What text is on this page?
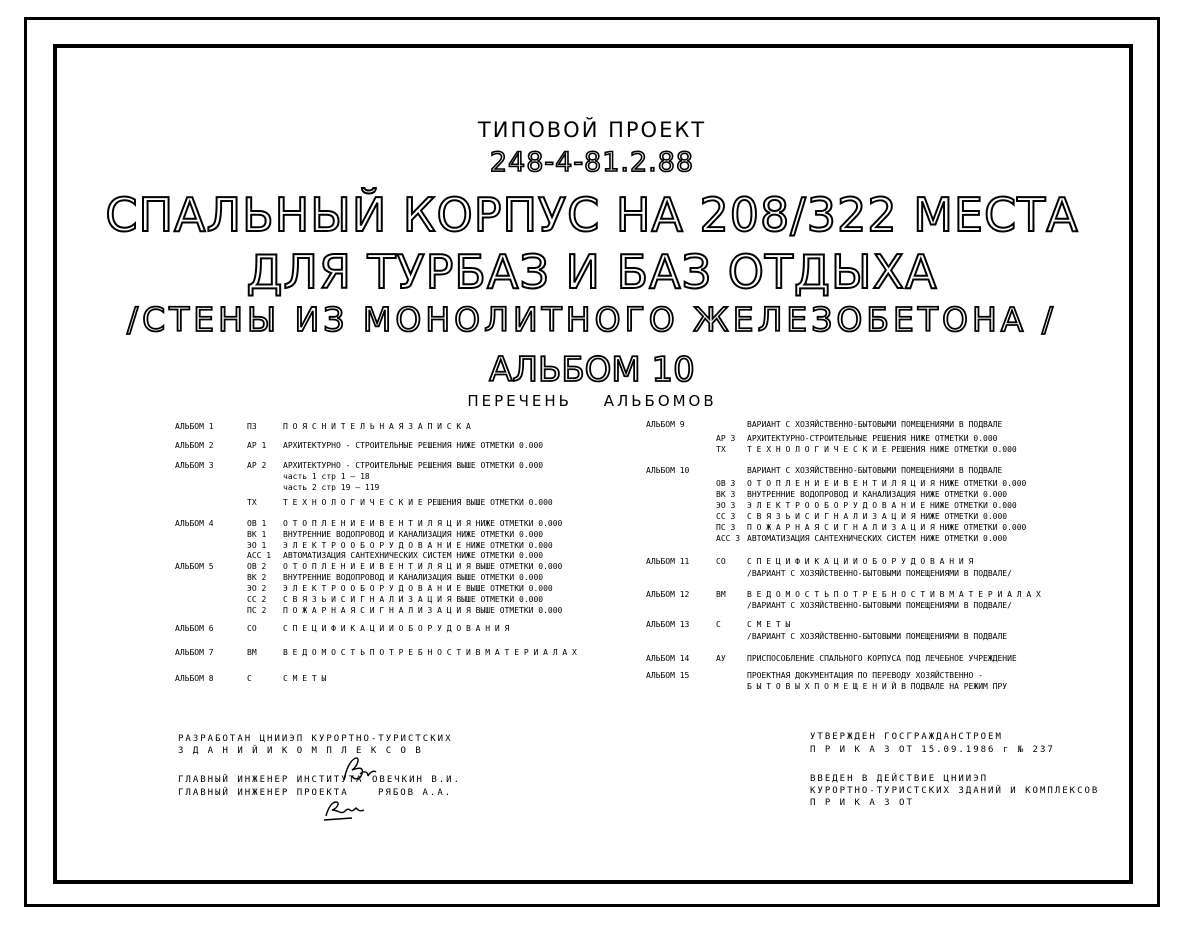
ТИПОВОЙ ПРОЕКТ
248-4-81.2.88
СПАЛЬНЫЙ КОРПУС НА 208/322 МЕСТА
ДЛЯ ТУРБАЗ И БАЗ ОТДЫХА
/СТЕНЫ ИЗ МОНОЛИТНОГО ЖЕЛЕЗОБЕТОНА /
АЛЬБОМ 10
ПЕРЕЧЕНЬ АЛЬБОМОВ
АЛЬБОМ 1	ПЗ	П О Я С Н И Т Е Л Ь Н А Я З А П И С К А
АЛЬБОМ 2	АР 1 АРХИТЕКТУРНО - СТРОИТЕЛЬНЫЕ РЕШЕНИЯ НИЖЕ ОТМЕТКИ 0.000
АЛЬБОМ 3	АР 2 АРХИТЕКТУРНО - СТРОИТЕЛЬНЫЕ РЕШЕНИЯ ВЫШЕ ОТМЕТКИ 0.000
часть 1 стр 1 — 18
часть 2 стр 19 — 119
ТХ	Т Е Х Н О Л О Г И Ч Е С К И Е РЕШЕНИЯ ВЫШЕ ОТМЕТКИ 0.000
АЛЬБОМ 4	ОВ 1 О Т О П Л Е Н И Е И В Е Н Т И Л Я Ц И Я НИЖЕ ОТМЕТКИ 0.000
ВК 1 ВНУТРЕННИЕ ВОДОПРОВОД И КАНАЛИЗАЦИЯ НИЖЕ ОТМЕТКИ 0.000
ЭО 1 Э Л Е К Т Р О О Б О Р У Д О В А Н И Е НИЖЕ ОТМЕТКИ 0.000
АСС 1 АВТОМАТИЗАЦИЯ САНТЕХНИЧЕСКИХ СИСТЕМ НИЖЕ ОТМЕТКИ 0.000
АЛЬБОМ 5	ОВ 2 О Т О П Л Е Н И Е И В Е Н Т И Л Я Ц И Я ВЫШЕ ОТМЕТКИ 0.000
ВК 2 ВНУТРЕННИЕ ВОДОПРОВОД И КАНАЛИЗАЦИЯ ВЫШЕ ОТМЕТКИ 0.000
ЭО 2 Э Л Е К Т Р О О Б О Р У Д О В А Н И Е ВЫШЕ ОТМЕТКИ 0.000
СС 2 С В Я З Ь И С И Г Н А Л И З А Ц И Я ВЫШЕ ОТМЕТКИ 0.000
ПС 2 П О Ж А Р Н А Я С И Г Н А Л И З А Ц И Я ВЫШЕ ОТМЕТКИ 0.000
АЛЬБОМ 6	СО	С П Е Ц И Ф И К А Ц И И О Б О Р У Д О В А Н И Я
АЛЬБОМ 7	ВМ	В Е Д О М О С Т Ь П О Т Р Е Б Н О С Т И В М А Т Е Р И А Л А Х
АЛЬБОМ 8	С	С М Е Т Ы
АЛЬБОМ 9	ВАРИАНТ С ХОЗЯЙСТВЕННО-БЫТОВЫМИ ПОМЕЩЕНИЯМИ В ПОДВАЛЕ
АР 3 АРХИТЕКТУРНО-СТРОИТЕЛЬНЫЕ РЕШЕНИЯ НИЖЕ ОТМЕТКИ 0.000
ТХ	Т Е Х Н О Л О Г И Ч Е С К И Е РЕШЕНИЯ НИЖЕ ОТМЕТКИ 0.000
АЛЬБОМ 10	ВАРИАНТ С ХОЗЯЙСТВЕННО-БЫТОВЫМИ ПОМЕЩЕНИЯМИ В ПОДВАЛЕ
ОВ 3 О Т О П Л Е Н И Е И В Е Н Т И Л Я Ц И Я НИЖЕ ОТМЕТКИ 0.000
ВК 3 ВНУТРЕННИЕ ВОДОПРОВОД И КАНАЛИЗАЦИЯ НИЖЕ ОТМЕТКИ 0.000
ЭО 3 Э Л Е К Т Р О О Б О Р У Д О В А Н И Е НИЖЕ ОТМЕТКИ 0.000
СС 3 С В Я З Ь И С И Г Н А Л И З А Ц И Я НИЖЕ ОТМЕТКИ 0.000
ПС 3 П О Ж А Р Н А Я С И Г Н А Л И З А Ц И Я НИЖЕ ОТМЕТКИ 0.000
АСС 3 АВТОМАТИЗАЦИЯ САНТЕХНИЧЕСКИХ СИСТЕМ НИЖЕ ОТМЕТКИ 0.000
АЛЬБОМ 11	СО	С П Е Ц И Ф И К А Ц И И О Б О Р У Д О В А Н И Я
/ВАРИАНТ С ХОЗЯЙСТВЕННО-БЫТОВЫМИ ПОМЕЩЕНИЯМИ В ПОДВАЛЕ/
АЛЬБОМ 12	ВМ	В Е Д О М О С Т Ь П О Т Р Е Б Н О С Т И В М А Т Е Р И А Л А Х
/ВАРИАНТ С ХОЗЯЙСТВЕННО-БЫТОВЫМИ ПОМЕЩЕНИЯМИ В ПОДВАЛЕ/
АЛЬБОМ 13	С	С М Е Т Ы
/ВАРИАНТ С ХОЗЯЙСТВЕННО-БЫТОВЫМИ ПОМЕЩЕНИЯМИ В ПОДВАЛЕ
АЛЬБОМ 14	АУ	ПРИСПОСОБЛЕНИЕ СПАЛЬНОГО КОРПУСА ПОД ЛЕЧЕБНОЕ УЧРЕЖДЕНИЕ
АЛЬБОМ 15	ПРОЕКТНАЯ ДОКУМЕНТАЦИЯ ПО ПЕРЕВОДУ ХОЗЯЙСТВЕННО -
Б Ы Т О В Ы Х П О М Е Щ Е Н И Й В ПОДВАЛЕ НА РЕЖИМ ПРУ
РАЗРАБОТАН ЦНИИЭП КУРОРТНО-ТУРИСТСКИХ
З Д А Н И Й И К О М П Л Е К С О В
ГЛАВНЫЙ ИНЖЕНЕР ИНСТИТУТА ОВЕЧКИН В.И.
ГЛАВНЫЙ ИНЖЕНЕР ПРОЕКТА	РЯБОВ А.А.
УТВЕРЖДЕН ГОСГРАЖДАНСТРОЕМ
П Р И К А З ОТ 15.09.1986 г № 237
ВВЕДЕН В ДЕЙСТВИЕ ЦНИИЭП
КУРОРТНО-ТУРИСТСКИХ ЗДАНИЙ И КОМПЛЕКСОВ
П Р И К А З ОТ
